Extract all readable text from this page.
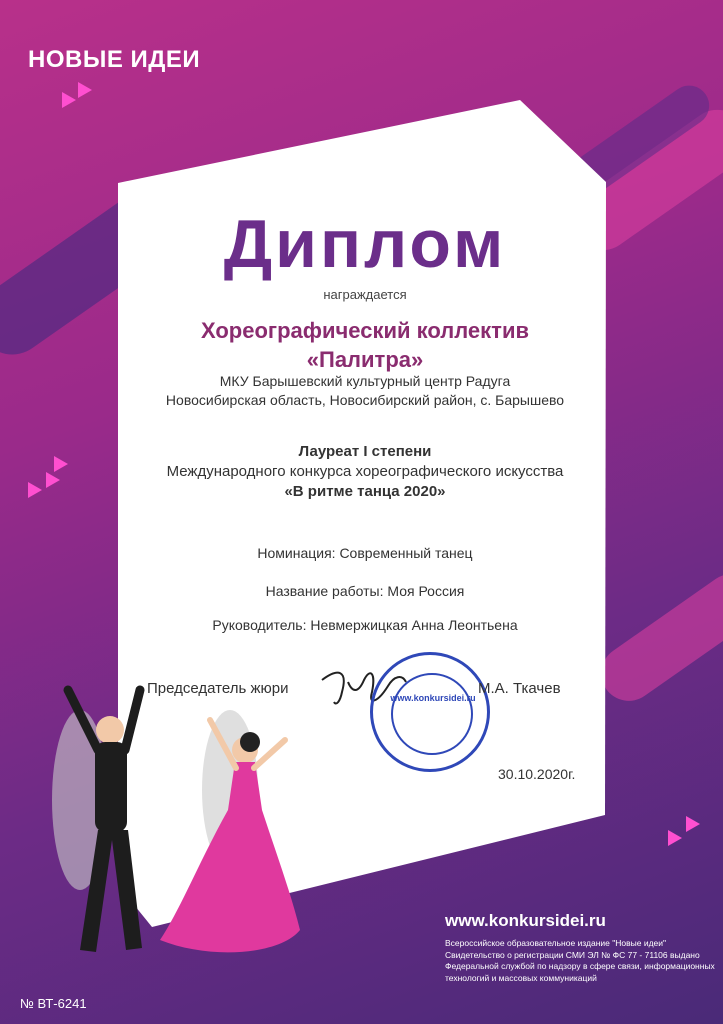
НОВЫЕ ИДЕИ
Диплом
награждается
Хореографический коллектив
«Палитра»
МКУ Барышевский культурный центр Радуга
Новосибирская область, Новосибирский район, с. Барышево
Лауреат I степени
Международного конкурса хореографического искусства
«В ритме танца 2020»
Номинация: Современный танец
Название работы: Моя Россия
Руководитель: Невмержицкая Анна Леонтьена
Председатель жюри
www.konkursidei.ru
М.А. Ткачев
30.10.2020г.
www.konkursidei.ru
Всероссийское образовательное издание "Новые идеи" Свидетельство о регистрации СМИ ЭЛ № ФС 77 - 71106 выдано Федеральной службой по надзору в сфере связи, информационных технологий и массовых коммуникаций
№ ВТ-6241
